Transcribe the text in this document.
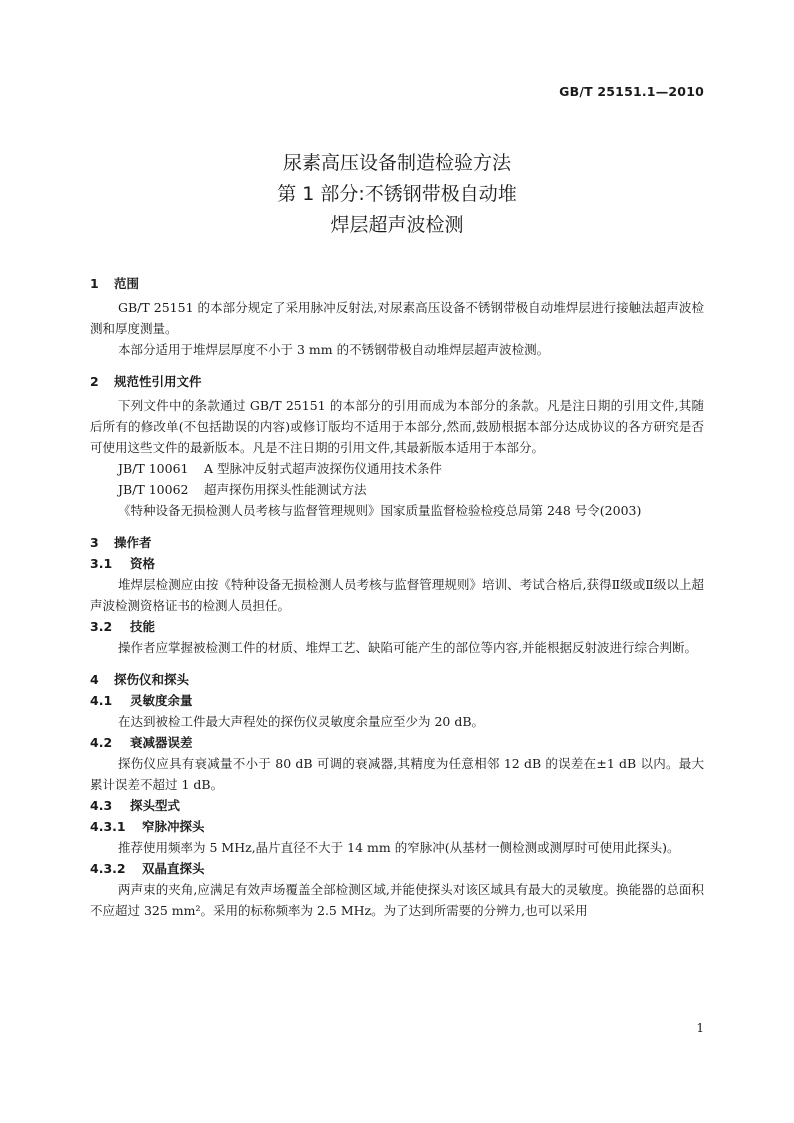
GB/T 25151.1—2010
尿素高压设备制造检验方法
第 1 部分:不锈钢带极自动堆
焊层超声波检测
1 范围
GB/T 25151 的本部分规定了采用脉冲反射法,对尿素高压设备不锈钢带极自动堆焊层进行接触法超声波检测和厚度测量。
本部分适用于堆焊层厚度不小于 3 mm 的不锈钢带极自动堆焊层超声波检测。
2 规范性引用文件
下列文件中的条款通过 GB/T 25151 的本部分的引用而成为本部分的条款。凡是注日期的引用文件,其随后所有的修改单(不包括勘误的内容)或修订版均不适用于本部分,然而,鼓励根据本部分达成协议的各方研究是否可使用这些文件的最新版本。凡是不注日期的引用文件,其最新版本适用于本部分。
JB/T 10061 A 型脉冲反射式超声波探伤仪通用技术条件
JB/T 10062 超声探伤用探头性能测试方法
《特种设备无损检测人员考核与监督管理规则》国家质量监督检验检疫总局第 248 号令(2003)
3 操作者
3.1 资格
堆焊层检测应由按《特种设备无损检测人员考核与监督管理规则》培训、考试合格后,获得Ⅱ级或Ⅱ级以上超声波检测资格证书的检测人员担任。
3.2 技能
操作者应掌握被检测工件的材质、堆焊工艺、缺陷可能产生的部位等内容,并能根据反射波进行综合判断。
4 探伤仪和探头
4.1 灵敏度余量
在达到被检工件最大声程处的探伤仪灵敏度余量应至少为 20 dB。
4.2 衰减器误差
探伤仪应具有衰减量不小于 80 dB 可调的衰减器,其精度为任意相邻 12 dB 的误差在±1 dB 以内。最大累计误差不超过 1 dB。
4.3 探头型式
4.3.1 窄脉冲探头
推荐使用频率为 5 MHz,晶片直径不大于 14 mm 的窄脉冲(从基材一侧检测或测厚时可使用此探头)。
4.3.2 双晶直探头
两声束的夹角,应满足有效声场覆盖全部检测区域,并能使探头对该区域具有最大的灵敏度。换能器的总面积不应超过 325 mm²。采用的标称频率为 2.5 MHz。为了达到所需要的分辨力,也可以采用
1
